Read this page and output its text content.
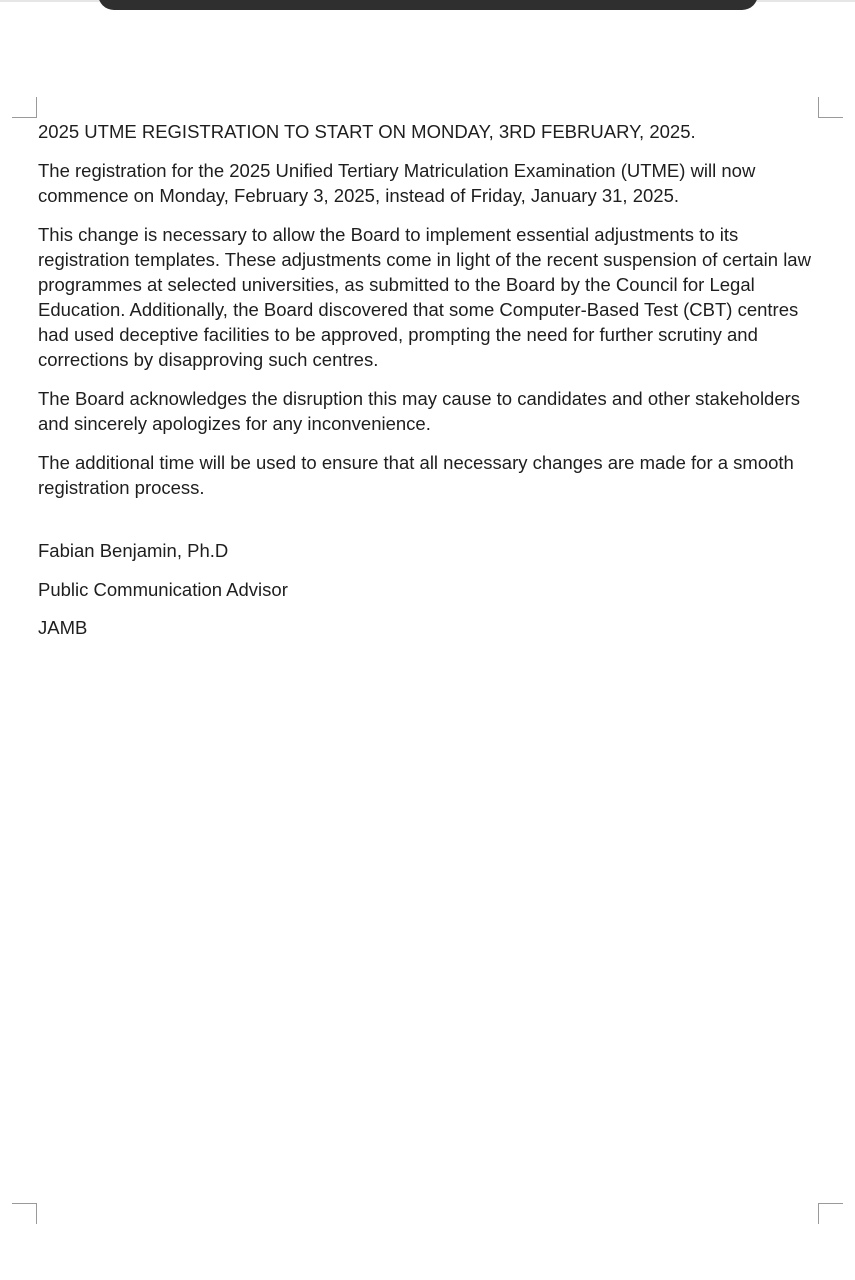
2025 UTME REGISTRATION TO START ON MONDAY, 3RD FEBRUARY, 2025.

The registration for the 2025 Unified Tertiary Matriculation Examination (UTME) will now commence on Monday, February 3, 2025, instead of Friday, January 31, 2025.

This change is necessary to allow the Board to implement essential adjustments to its registration templates. These adjustments come in light of the recent suspension of certain law programmes at selected universities, as submitted to the Board by the Council for Legal Education. Additionally, the Board discovered that some Computer-Based Test (CBT) centres had used deceptive facilities to be approved, prompting the need for further scrutiny and corrections by disapproving such centres.

The Board acknowledges the disruption this may cause to candidates and other stakeholders and sincerely apologizes for any inconvenience.

The additional time will be used to ensure that all necessary changes are made for a smooth registration process.

Fabian Benjamin, Ph.D

Public Communication Advisor

JAMB
